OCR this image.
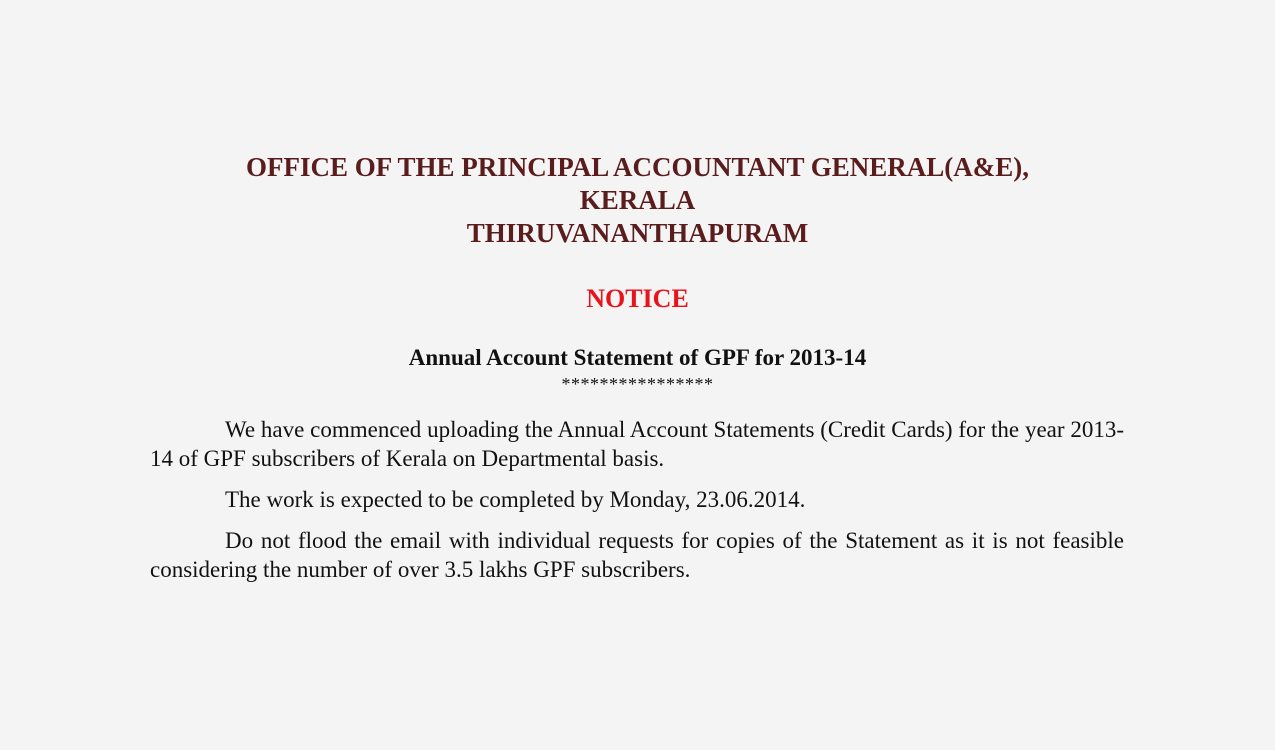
OFFICE OF THE PRINCIPAL ACCOUNTANT GENERAL(A&E),
KERALA
THIRUVANANTHAPURAM
NOTICE
Annual Account Statement of GPF for 2013-14
****************

We have commenced uploading the Annual Account Statements (Credit Cards) for the year 2013-14 of GPF subscribers of Kerala on Departmental basis.

The work is expected to be completed by Monday, 23.06.2014.

Do not flood the email with individual requests for copies of the Statement as it is not feasible considering the number of over 3.5 lakhs GPF subscribers.
